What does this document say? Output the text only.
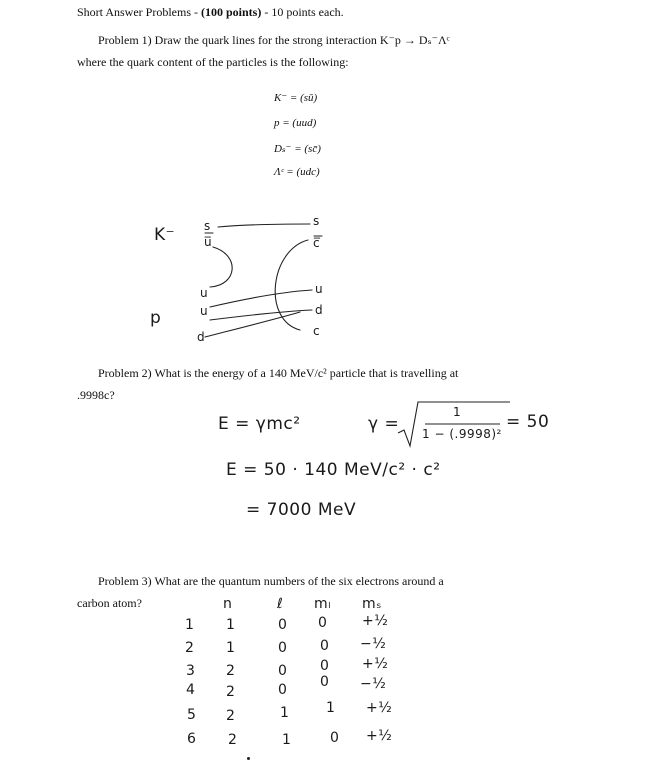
Short Answer Problems - (100 points) - 10 points each.
Problem 1) Draw the quark lines for the strong interaction K⁻p → Dₛ⁻Λᶜ
where the quark content of the particles is the following:
K⁻ = (sū)
p = (uud)
Dₛ⁻ = (sc̄)
Λᶜ = (udc)
K⁻
p
s
u̅
u
u
d
s
c̅
u
d
c
Problem 2) What is the energy of a 140 MeV/c² particle that is travelling at
.9998c?
E = γmc²	γ =
1
1 − (.9998)²
= 50
E = 50 · 140 MeV/c² · c²
= 7000 MeV
Problem 3) What are the quantum numbers of the six electrons around a
carbon atom?	n	ℓ mₗ mₛ
1 1	0 0 +½
2 1	0 0 −½
3 2	0 0 +½
4 2	0 0 −½
5 2	1	1 +½
6 2	1	0 +½
